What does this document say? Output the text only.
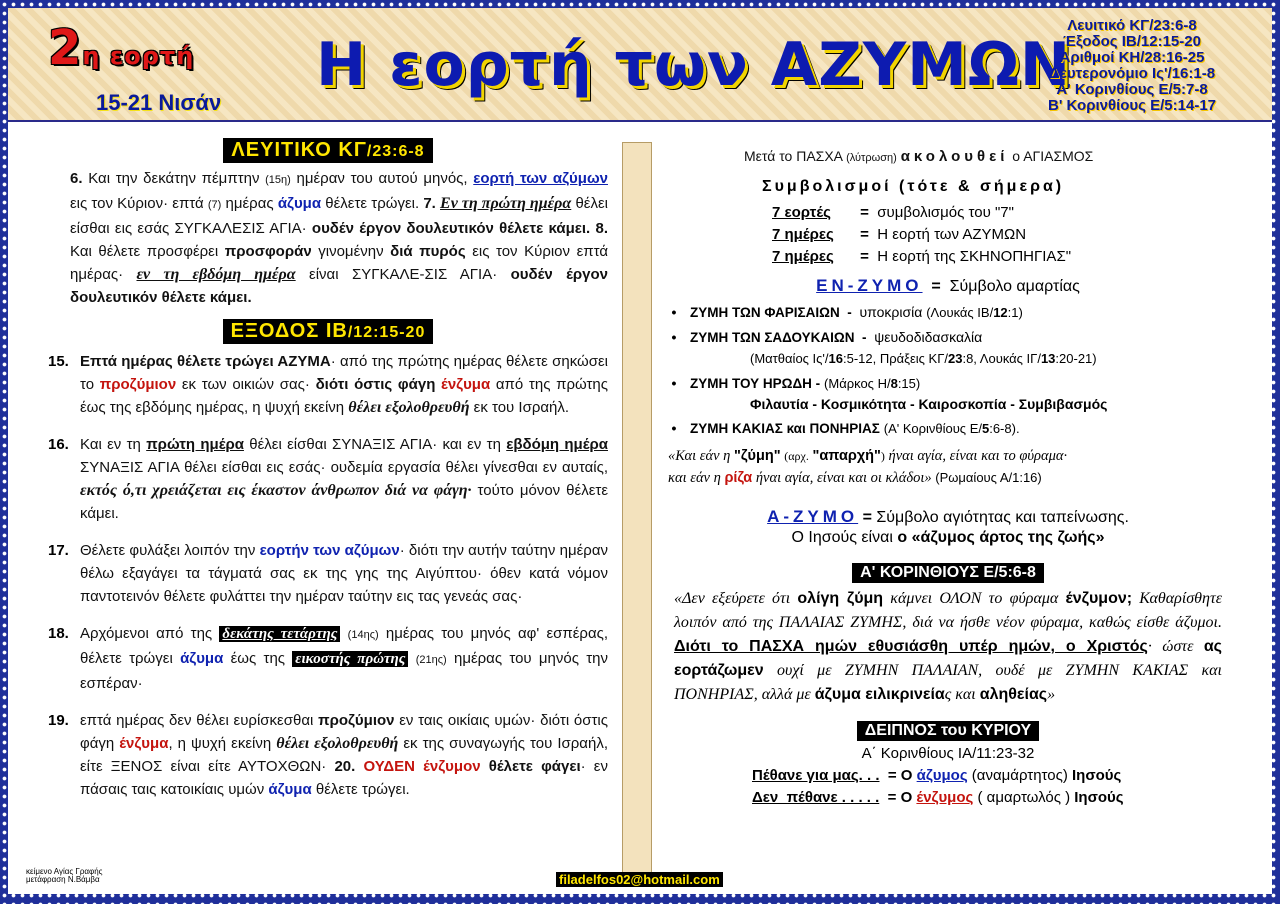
2η εορτή
15-21 Νισάν
Η εορτή των ΑΖΥΜΩΝ
Λευιτικό ΚΓ/23:6-8
Έξοδος ΙΒ/12:15-20
Αριθμοί ΚΗ/28:16-25
Δευτερονόμιο Ις'/16:1-8
Α' Κορινθίους Ε/5:7-8
Β' Κορινθίους Ε/5:14-17
ΛΕΥΙΤΙΚΟ ΚΓ/23:6-8
6. Και την δεκάτην πέμπτην (15η) ημέραν του αυτού μηνός, εορτή των αζύμων εις τον Κύριον· επτά (7) ημέρας άζυμα θέλετε τρώγει. 7. Εν τη πρώτη ημέρα θέλει είσθαι εις εσάς ΣΥΓΚΑΛΕΣΙΣ ΑΓΙΑ· ουδέν έργον δουλευτικόν θέλετε κάμει. 8. Και θέλετε προσφέρει προσφοράν γινομένην διά πυρός εις τον Κύριον επτά ημέρας· εν τη εβδόμη ημέρα είναι ΣΥΓΚΑΛΕ-ΣΙΣ ΑΓΙΑ· ουδέν έργον δουλευτικόν θέλετε κάμει.
ΕΞΟΔΟΣ ΙΒ/12:15-20
15. Επτά ημέρας θέλετε τρώγει ΑΖΥΜΑ· από της πρώτης ημέρας θέλετε σηκώσει το προζύμιον εκ των οικιών σας· διότι όστις φάγη ένζυμα από της πρώτης έως της εβδόμης ημέρας, η ψυχή εκείνη θέλει εξολοθρευθή εκ του Ισραήλ.
16. Και εν τη πρώτη ημέρα θέλει είσθαι ΣΥΝΑΞΙΣ ΑΓΙΑ· και εν τη εβδόμη ημέρα ΣΥΝΑΞΙΣ ΑΓΙΑ θέλει είσθαι εις εσάς· ουδεμία εργασία θέλει γίνεσθαι εν αυταίς, εκτός ό,τι χρειάζεται εις έκαστον άνθρωπον διά να φάγη· τούτο μόνον θέλετε κάμει.
17. Θέλετε φυλάξει λοιπόν την εορτήν των αζύμων· διότι την αυτήν ταύτην ημέραν θέλω εξαγάγει τα τάγματά σας εκ της γης της Αιγύπτου· όθεν κατά νόμον παντοτεινόν θέλετε φυλάττει την ημέραν ταύτην εις τας γενεάς σας·
18. Αρχόμενοι από της δεκάτης τετάρτης (14ης) ημέρας του μηνός αφ' εσπέρας, θέλετε τρώγει άζυμα έως της εικοστής πρώτης (21ης) ημέρας του μηνός την εσπέραν·
19. επτά ημέρας δεν θέλει ευρίσκεσθαι προζύμιον εν ταις οικίαις υμών· διότι όστις φάγη ένζυμα, η ψυχή εκείνη θέλει εξολοθρευθή εκ της συναγωγής του Ισραήλ, είτε ΞΕΝΟΣ είναι είτε ΑΥΤΟΧΘΩΝ· 20. ΟΥΔΕΝ ένζυμον θέλετε φάγει· εν πάσαις ταις κατοικίαις υμών άζυμα θέλετε τρώγει.
Μετά το ΠΑΣΧΑ (λύτρωση) ακολουθεί ο ΑΓΙΑΣΜΟΣ
Συμβολισμοί (τότε & σήμερα)
7 εορτές = συμβολισμός του "7"
7 ημέρες = Η εορτή των ΑΖΥΜΩΝ
7 ημέρες = Η εορτή της ΣΚΗΝΟΠΗΓΙΑΣ"
ΕΝ-ΖΥΜΟ = Σύμβολο αμαρτίας
• ΖΥΜΗ ΤΩΝ ΦΑΡΙΣΑΙΩΝ  -  υποκρισία (Λουκάς ΙΒ/12:1)
• ΖΥΜΗ ΤΩΝ ΣΑΔΟΥΚΑΙΩΝ  -  ψευδοδιδασκαλία
(Ματθαίος Ις'/16:5-12, Πράξεις ΚΓ/23:8, Λουκάς ΙΓ/13:20-21)
• ΖΥΜΗ ΤΟΥ ΗΡΩΔΗ - (Μάρκος Η/8:15)
Φιλαυτία - Κοσμικότητα - Καιροσκοπία - Συμβιβασμός
• ΖΥΜΗ ΚΑΚΙΑΣ και ΠΟΝΗΡΙΑΣ (Α' Κορινθίους Ε/5:6-8).
«Και εάν η "ζύμη" (αρχ. "απαρχή") ήναι αγία, είναι και το φύραμα·
και εάν η ρίζα ήναι αγία, είναι και οι κλάδοι» (Ρωμαίους Α/1:16)
Α-ΖΥΜΟ = Σύμβολο αγιότητας και ταπείνωσης.
Ο Ιησούς είναι ο «άζυμος άρτος της ζωής»
Α' ΚΟΡΙΝΘΙΟΥΣ Ε/5:6-8
«Δεν εξεύρετε ότι ολίγη ζύμη κάμνει ΟΛΟΝ το φύραμα ένζυμον; Καθαρίσθητε λοιπόν από της ΠΑΛΑΙΑΣ ΖΥΜΗΣ, διά να ήσθε νέον φύραμα, καθώς είσθε άζυμοι. Διότι το ΠΑΣΧΑ ημών εθυσιάσθη υπέρ ημών, ο Χριστός· ώστε ας εορτάζωμεν ουχί με ΖΥΜΗΝ ΠΑΛΑΙΑΝ, ουδέ με ΖΥΜΗΝ ΚΑΚΙΑΣ και ΠΟΝΗΡΙΑΣ, αλλά με άζυμα ειλικρινείας και αληθείας»
ΔΕΙΠΝΟΣ του ΚΥΡΙΟΥ
Α΄ Κορινθίους ΙΑ/11:23-32
Πέθανε για μας. . . = Ο άζυμος (αναμάρτητος) Ιησούς
Δεν  πέθανε . . . . . = Ο ένζυμος ( αμαρτωλός ) Ιησούς
κείμενο Αγίας Γραφής
μετάφραση Ν.Βάμβα	filadelfos02@hotmail.com
